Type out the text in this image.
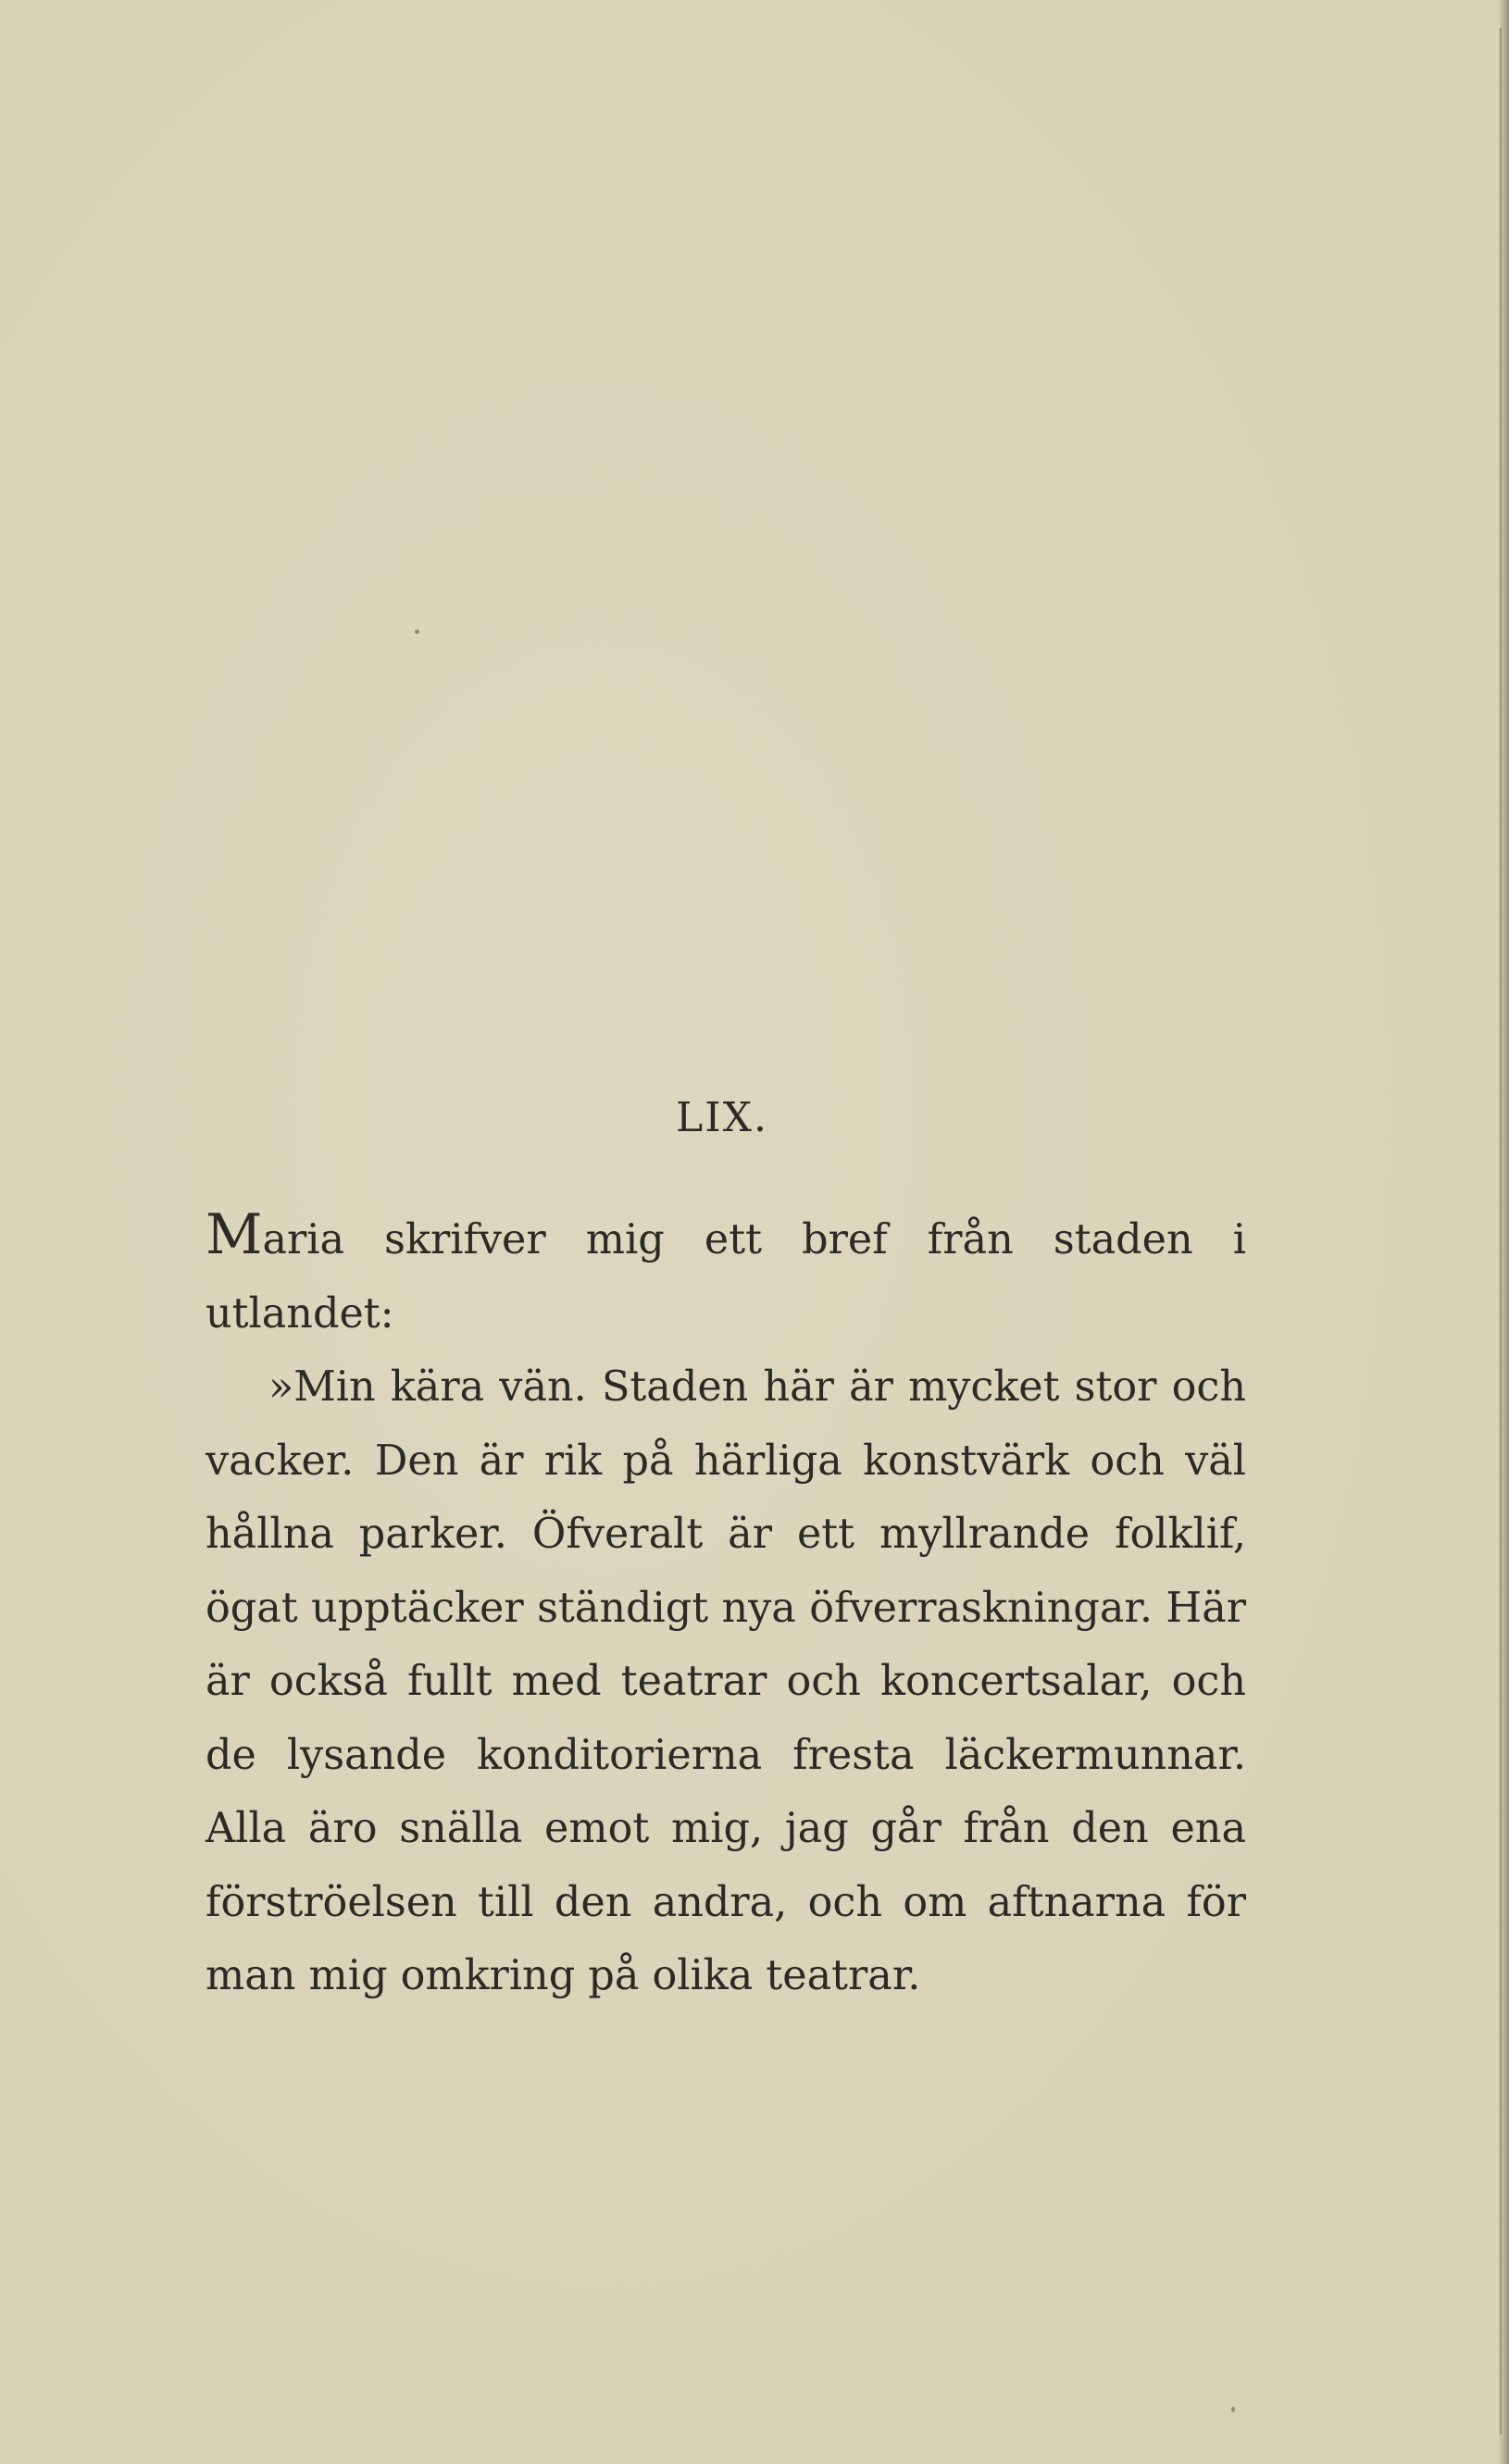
LIX.

Maria skrifver mig ett bref från staden i utlandet:

»Min kära vän. Staden här är mycket stor och vacker. Den är rik på härliga konstvärk och väl hållna parker. Öfveralt är ett myllrande folklif, ögat upptäcker ständigt nya öfverraskningar. Här är också fullt med teatrar och koncertsalar, och de lysande konditorierna fresta läckermunnar. Alla äro snälla emot mig, jag går från den ena förströelsen till den andra, och om aftnarna för man mig omkring på olika teatrar.
